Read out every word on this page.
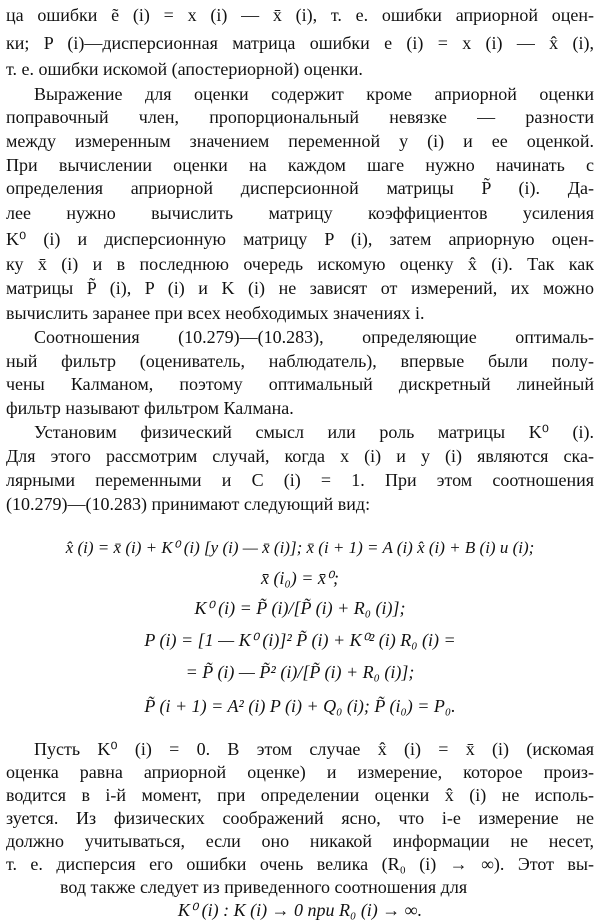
ца ошибки ẽ (i) = x (i) — x̄ (i), т. е. ошибки априорной оцен-
ки; P (i)—дисперсионная матрица ошибки e (i) = x (i) — x̂ (i),
т. е. ошибки искомой (апостериорной) оценки.
Выражение для оценки содержит кроме априорной оценки
поправочный член, пропорциональный невязке — разности
между измеренным значением переменной y (i) и ее оценкой.
При вычислении оценки на каждом шаге нужно начинать с
определения априорной дисперсионной матрицы P̃ (i). Да-
лее нужно вычислить матрицу коэффициентов усиления
K⁰ (i) и дисперсионную матрицу P (i), затем априорную оцен-
ку x̄ (i) и в последнюю очередь искомую оценку x̂ (i). Так как
матрицы P̃ (i), P (i) и K (i) не зависят от измерений, их можно
вычислить заранее при всех необходимых значениях i.
Соотношения (10.279)—(10.283), определяющие оптималь-
ный фильтр (оцениватель, наблюдатель), впервые были полу-
чены Калманом, поэтому оптимальный дискретный линейный
фильтр называют фильтром Калмана.
Установим физический смысл или роль матрицы K⁰ (i).
Для этого рассмотрим случай, когда x (i) и y (i) являются ска-
лярными переменными и C (i) = 1. При этом соотношения
(10.279)—(10.283) принимают следующий вид:
x̂ (i) = x̄ (i) + K⁰ (i) [y (i) — x̄ (i)]; x̄ (i + 1) = A (i) x̂ (i) + B (i) u (i);
x̄ (i₀) = x̄⁰;
K⁰ (i) = P̃ (i)/[P̃ (i) + R₀ (i)];
P (i) = [1 — K⁰ (i)]² P̃ (i) + K⁰² (i) R₀ (i) =
= P̃ (i) — P̃² (i)/[P̃ (i) + R₀ (i)];
P̃ (i + 1) = A² (i) P (i) + Q₀ (i); P̃ (i₀) = P₀.
Пусть K⁰ (i) = 0. В этом случае x̂ (i) = x̄ (i) (искомая
оценка равна априорной оценке) и измерение, которое произ-
водится в i-й момент, при определении оценки x̂ (i) не исполь-
зуется. Из физических соображений ясно, что i-е измерение не
должно учитываться, если оно никакой информации не несет,
т. е. дисперсия его ошибки очень велика (R₀ (i) → ∞). Этот вы-
вод также следует из приведенного соотношения для
K⁰ (i) : K (i) → 0 при R₀ (i) → ∞.
